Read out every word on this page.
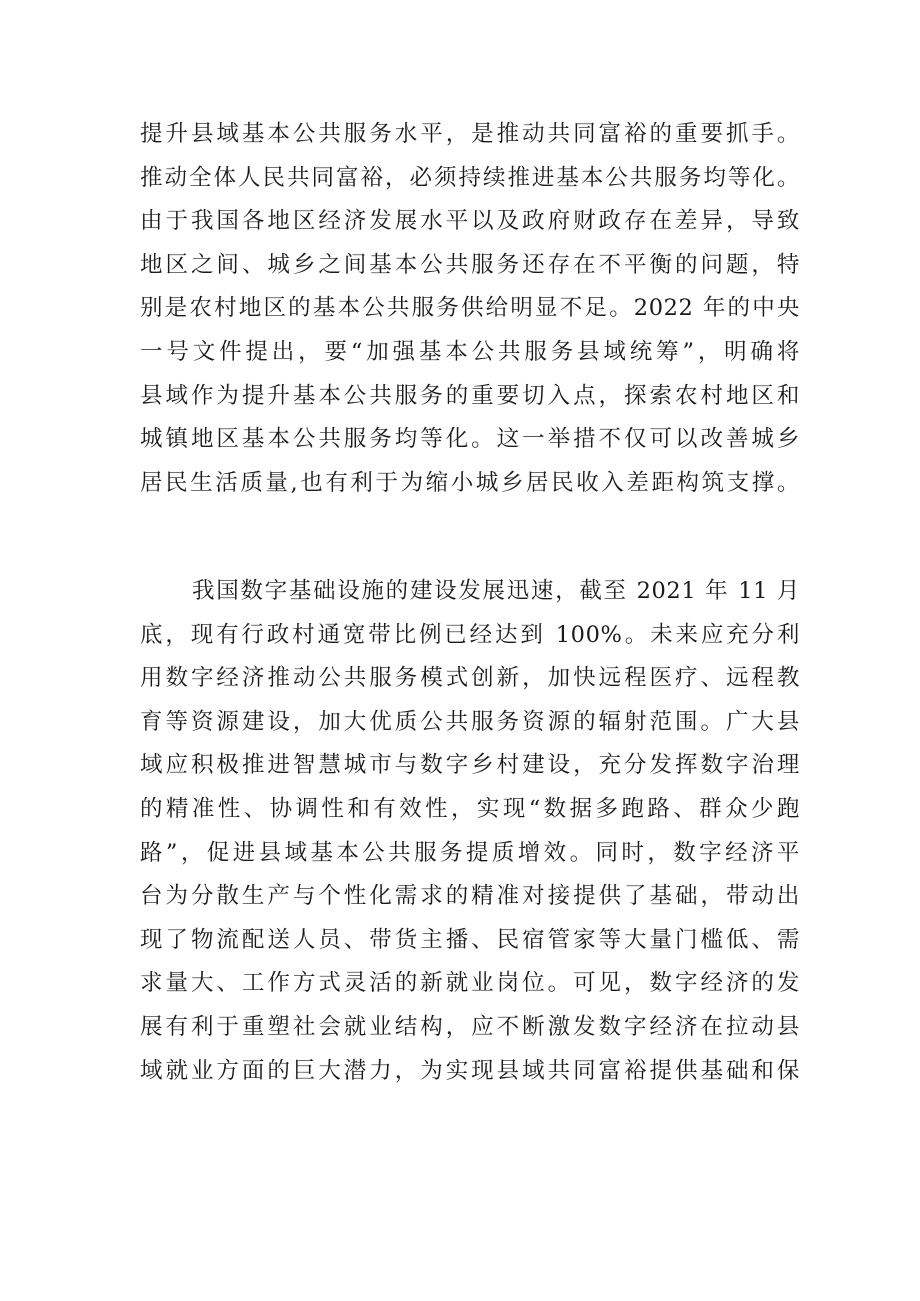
提升县域基本公共服务水平，是推动共同富裕的重要抓手。
推动全体人民共同富裕，必须持续推进基本公共服务均等化。
由于我国各地区经济发展水平以及政府财政存在差异，导致
地区之间、城乡之间基本公共服务还存在不平衡的问题，特
别是农村地区的基本公共服务供给明显不足。2022 年的中央
一号文件提出，要“加强基本公共服务县域统筹”，明确将
县域作为提升基本公共服务的重要切入点，探索农村地区和
城镇地区基本公共服务均等化。这一举措不仅可以改善城乡
居民生活质量,也有利于为缩小城乡居民收入差距构筑支撑。
我国数字基础设施的建设发展迅速，截至 2021 年 11 月
底，现有行政村通宽带比例已经达到 100%。未来应充分利
用数字经济推动公共服务模式创新，加快远程医疗、远程教
育等资源建设，加大优质公共服务资源的辐射范围。广大县
域应积极推进智慧城市与数字乡村建设，充分发挥数字治理
的精准性、协调性和有效性，实现“数据多跑路、群众少跑
路”，促进县域基本公共服务提质增效。同时，数字经济平
台为分散生产与个性化需求的精准对接提供了基础，带动出
现了物流配送人员、带货主播、民宿管家等大量门槛低、需
求量大、工作方式灵活的新就业岗位。可见，数字经济的发
展有利于重塑社会就业结构，应不断激发数字经济在拉动县
域就业方面的巨大潜力，为实现县域共同富裕提供基础和保
